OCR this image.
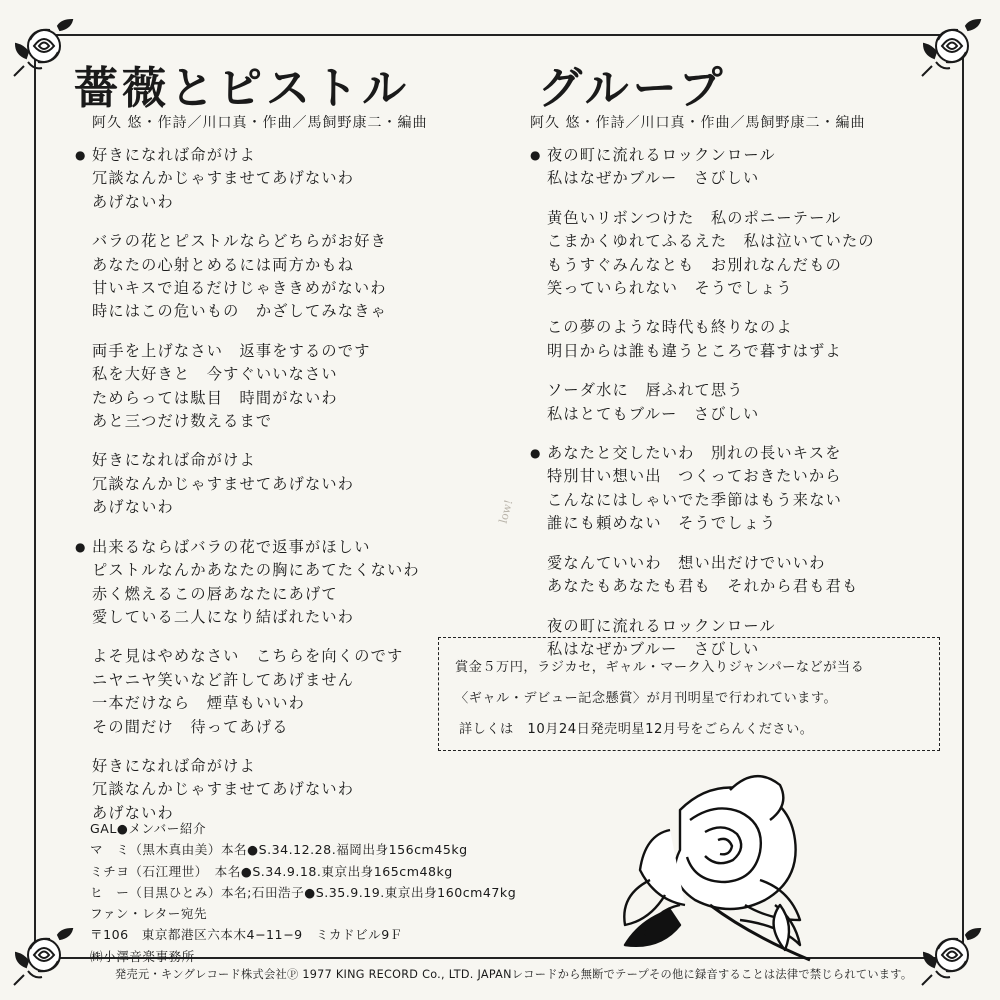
薔薇とピストル
阿久 悠・作詩／川口真・作曲／馬飼野康二・編曲
● 好きになれば命がけよ
冗談なんかじゃすませてあげないわ
あげないわ
バラの花とピストルならどちらがお好き
あなたの心射とめるには両方かもね
甘いキスで迫るだけじゃききめがないわ
時にはこの危いもの　かざしてみなきゃ
両手を上げなさい　返事をするのです
私を大好きと　今すぐいいなさい
ためらっては駄目　時間がないわ
あと三つだけ数えるまで
好きになれば命がけよ
冗談なんかじゃすませてあげないわ
あげないわ
● 出来るならばバラの花で返事がほしい
ピストルなんかあなたの胸にあてたくないわ
赤く燃えるこの唇あなたにあげて
愛している二人になり結ばれたいわ
よそ見はやめなさい　こちらを向くのです
ニヤニヤ笑いなど許してあげません
一本だけなら　煙草もいいわ
その間だけ　待ってあげる
好きになれば命がけよ
冗談なんかじゃすませてあげないわ
あげないわ
グループ
阿久 悠・作詩／川口真・作曲／馬飼野康二・編曲
● 夜の町に流れるロックンロール
私はなぜかブルー　さびしい
黄色いリボンつけた　私のポニーテール
こまかくゆれてふるえた　私は泣いていたの
もうすぐみんなとも　お別れなんだもの
笑っていられない　そうでしょう
この夢のような時代も終りなのよ
明日からは誰も違うところで暮すはずよ
ソーダ水に　唇ふれて思う
私はとてもブルー　さびしい
● あなたと交したいわ　別れの長いキスを
特別甘い想い出　つくっておきたいから
こんなにはしゃいでた季節はもう来ない
誰にも頼めない　そうでしょう
愛なんていいわ　想い出だけでいいわ
あなたもあなたも君も　それから君も君も
夜の町に流れるロックンロール
私はなぜかブルー　さびしい
low!

賞金５万円，ラジカセ，ギャル・マーク入りジャンパーなどが当る

〈ギャル・デビュー記念懸賞〉が月刊明星で行われています。

詳しくは　10月24日発売明星12月号をごらんください。

GAL●メンバー紹介

マ　ミ（黒木真由美）本名●S.34.12.28.福岡出身156cm45kg

ミチヨ（石江理世）　本名●S.34.9.18.東京出身165cm48kg

ヒ　ー（目黒ひとみ）本名;石田浩子●S.35.9.19.東京出身160cm47kg

ファン・レター宛先

〒106　東京都港区六本木4−11−9　ミカドビル9Ｆ

㈱小澤音楽事務所

発売元・キングレコード株式会社Ⓟ 1977 KING RECORD Co., LTD. JAPANレコードから無断でテープその他に録音することは法律で禁じられています。
